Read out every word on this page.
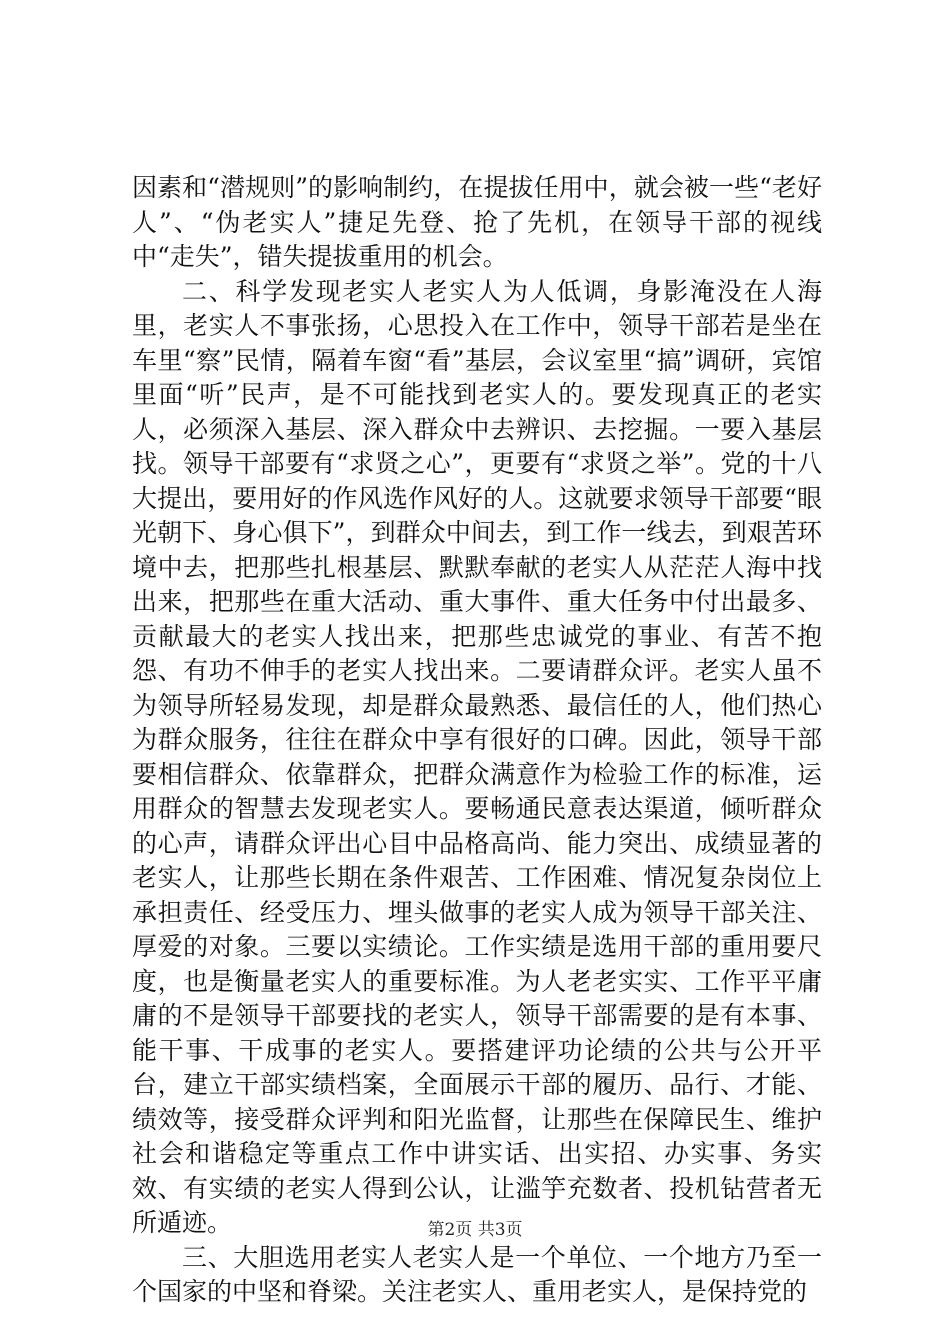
因素和“潜规则”的影响制约，在提拔任用中，就会被一些“老好人”、“伪老实人”捷足先登、抢了先机，在领导干部的视线中“走失”，错失提拔重用的机会。

二、科学发现老实人老实人为人低调，身影淹没在人海里，老实人不事张扬，心思投入在工作中，领导干部若是坐在车里“察”民情，隔着车窗“看”基层，会议室里“搞”调研，宾馆里面“听”民声，是不可能找到老实人的。要发现真正的老实人，必须深入基层、深入群众中去辨识、去挖掘。一要入基层找。领导干部要有“求贤之心”，更要有“求贤之举”。党的十八大提出，要用好的作风选作风好的人。这就要求领导干部要“眼光朝下、身心俱下”，到群众中间去，到工作一线去，到艰苦环境中去，把那些扎根基层、默默奉献的老实人从茫茫人海中找出来，把那些在重大活动、重大事件、重大任务中付出最多、贡献最大的老实人找出来，把那些忠诚党的事业、有苦不抱怨、有功不伸手的老实人找出来。二要请群众评。老实人虽不为领导所轻易发现，却是群众最熟悉、最信任的人，他们热心为群众服务，往往在群众中享有很好的口碑。因此，领导干部要相信群众、依靠群众，把群众满意作为检验工作的标准，运用群众的智慧去发现老实人。要畅通民意表达渠道，倾听群众的心声，请群众评出心目中品格高尚、能力突出、成绩显著的老实人，让那些长期在条件艰苦、工作困难、情况复杂岗位上承担责任、经受压力、埋头做事的老实人成为领导干部关注、厚爱的对象。三要以实绩论。工作实绩是选用干部的重用要尺度，也是衡量老实人的重要标准。为人老老实实、工作平平庸庸的不是领导干部要找的老实人，领导干部需要的是有本事、能干事、干成事的老实人。要搭建评功论绩的公共与公开平台，建立干部实绩档案，全面展示干部的履历、品行、才能、绩效等，接受群众评判和阳光监督，让那些在保障民生、维护社会和谐稳定等重点工作中讲实话、出实招、办实事、务实效、有实绩的老实人得到公认，让滥竽充数者、投机钻营者无所遁迹。

三、大胆选用老实人老实人是一个单位、一个地方乃至一个国家的中坚和脊梁。关注老实人、重用老实人，是保持党的

第2页 共3页
